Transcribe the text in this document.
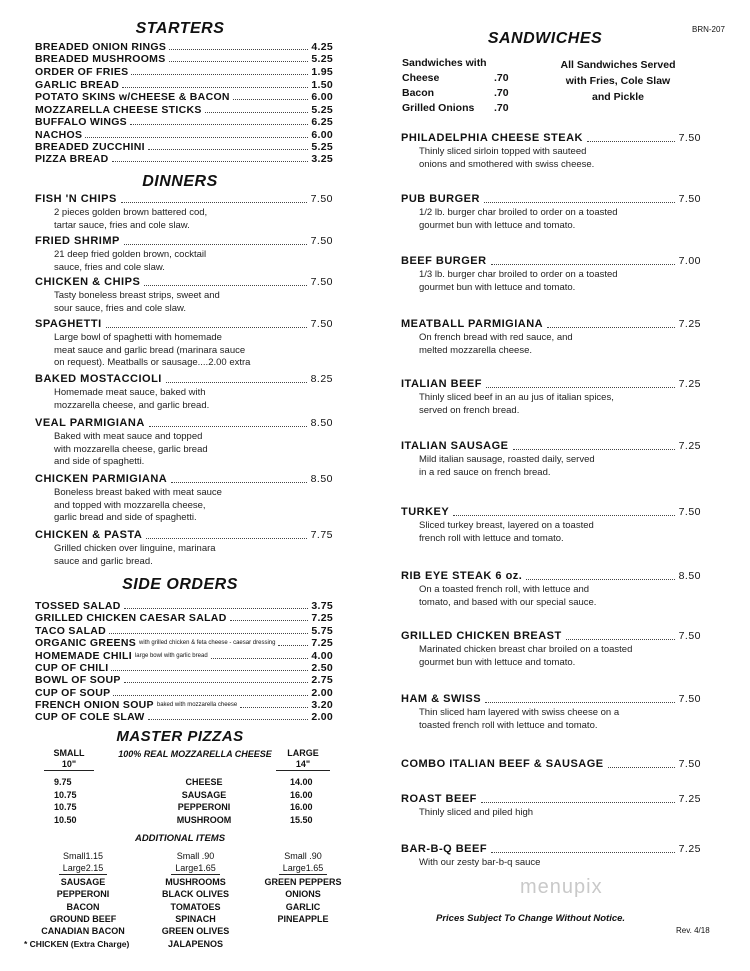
STARTERS
BREADED ONION RINGS	4.25
BREADED MUSHROOMS	5.25
ORDER OF FRIES	1.95
GARLIC BREAD	1.50
POTATO SKINS w/CHEESE & BACON	6.00
MOZZARELLA CHEESE STICKS	5.25
BUFFALO WINGS	6.25
NACHOS	6.00
BREADED ZUCCHINI	5.25
PIZZA BREAD	3.25
DINNERS
FISH 'N CHIPS	7.50
2 pieces golden brown battered cod,
tartar sauce, fries and cole slaw.
FRIED SHRIMP	7.50
21 deep fried golden brown, cocktail
sauce, fries and cole slaw.
CHICKEN & CHIPS	7.50
Tasty boneless breast strips, sweet and
sour sauce, fries and cole slaw.
SPAGHETTI	7.50
Large bowl of spaghetti with homemade
meat sauce and garlic bread (marinara sauce
on request). Meatballs or sausage....2.00 extra
BAKED MOSTACCIOLI	8.25
Homemade meat sauce, baked with
mozzarella cheese, and garlic bread.
VEAL PARMIGIANA	8.50
Baked with meat sauce and topped
with mozzarella cheese, garlic bread
and side of spaghetti.
CHICKEN PARMIGIANA	8.50
Boneless breast baked with meat sauce
and topped with mozzarella cheese,
garlic bread and side of spaghetti.
CHICKEN & PASTA	7.75
Grilled chicken over linguine, marinara
sauce and garlic bread.
SIDE ORDERS
TOSSED SALAD	3.75
GRILLED CHICKEN CAESAR SALAD	7.25
TACO SALAD	5.75
ORGANIC GREENS with grilled chicken & feta cheese - caesar dressing	7.25
HOMEMADE CHILI large bowl with garlic bread	4.00
CUP OF CHILI	2.50
BOWL OF SOUP	2.75
CUP OF SOUP	2.00
FRENCH ONION SOUP baked with mozzarella cheese	3.20
CUP OF COLE SLAW	2.00
MASTER PIZZAS
SMALL
10"
100% REAL MOZZARELLA CHEESE	LARGE
14"
9.75	CHEESE	14.00
10.75	SAUSAGE	16.00
10.75	PEPPERONI	16.00
10.50	MUSHROOM	15.50
ADDITIONAL ITEMS
Small1.15
Large2.15
SAUSAGE
PEPPERONI
BACON
GROUND BEEF
CANADIAN BACON
* CHICKEN (Extra Charge)
Small .90
Large1.65
MUSHROOMS
BLACK OLIVES
TOMATOES
SPINACH
GREEN OLIVES
JALAPENOS
Small .90
Large1.65
GREEN PEPPERS
ONIONS
GARLIC
PINEAPPLE
BRN-207
SANDWICHES
Sandwiches with
Cheese	.70
Bacon	.70
Grilled Onions .70
All Sandwiches Served
with Fries, Cole Slaw
and Pickle
PHILADELPHIA CHEESE STEAK	7.50
Thinly sliced sirloin topped with sauteed
onions and smothered with swiss cheese.
PUB BURGER	7.50
1/2 lb. burger char broiled to order on a toasted
gourmet bun with lettuce and tomato.
BEEF BURGER	7.00
1/3 lb. burger char broiled to order on a toasted
gourmet bun with lettuce and tomato.
MEATBALL PARMIGIANA	7.25
On french bread with red sauce, and
melted mozzarella cheese.
ITALIAN BEEF	7.25
Thinly sliced beef in an au jus of italian spices,
served on french bread.
ITALIAN SAUSAGE	7.25
Mild italian sausage, roasted daily, served
in a red sauce on french bread.
TURKEY	7.50
Sliced turkey breast, layered on a toasted
french roll with lettuce and tomato.
RIB EYE STEAK 6 oz.	8.50
On a toasted french roll, with lettuce and
tomato, and based with our special sauce.
GRILLED CHICKEN BREAST	7.50
Marinated chicken breast char broiled on a toasted
gourmet bun with lettuce and tomato.
HAM & SWISS	7.50
Thin sliced ham layered with swiss cheese on a
toasted french roll with lettuce and tomato.
COMBO ITALIAN BEEF & SAUSAGE	7.50
ROAST BEEF	7.25
Thinly sliced and piled high
BAR-B-Q BEEF	7.25
With our zesty bar-b-q sauce
menupix
Prices Subject To Change Without Notice.
Rev. 4/18
